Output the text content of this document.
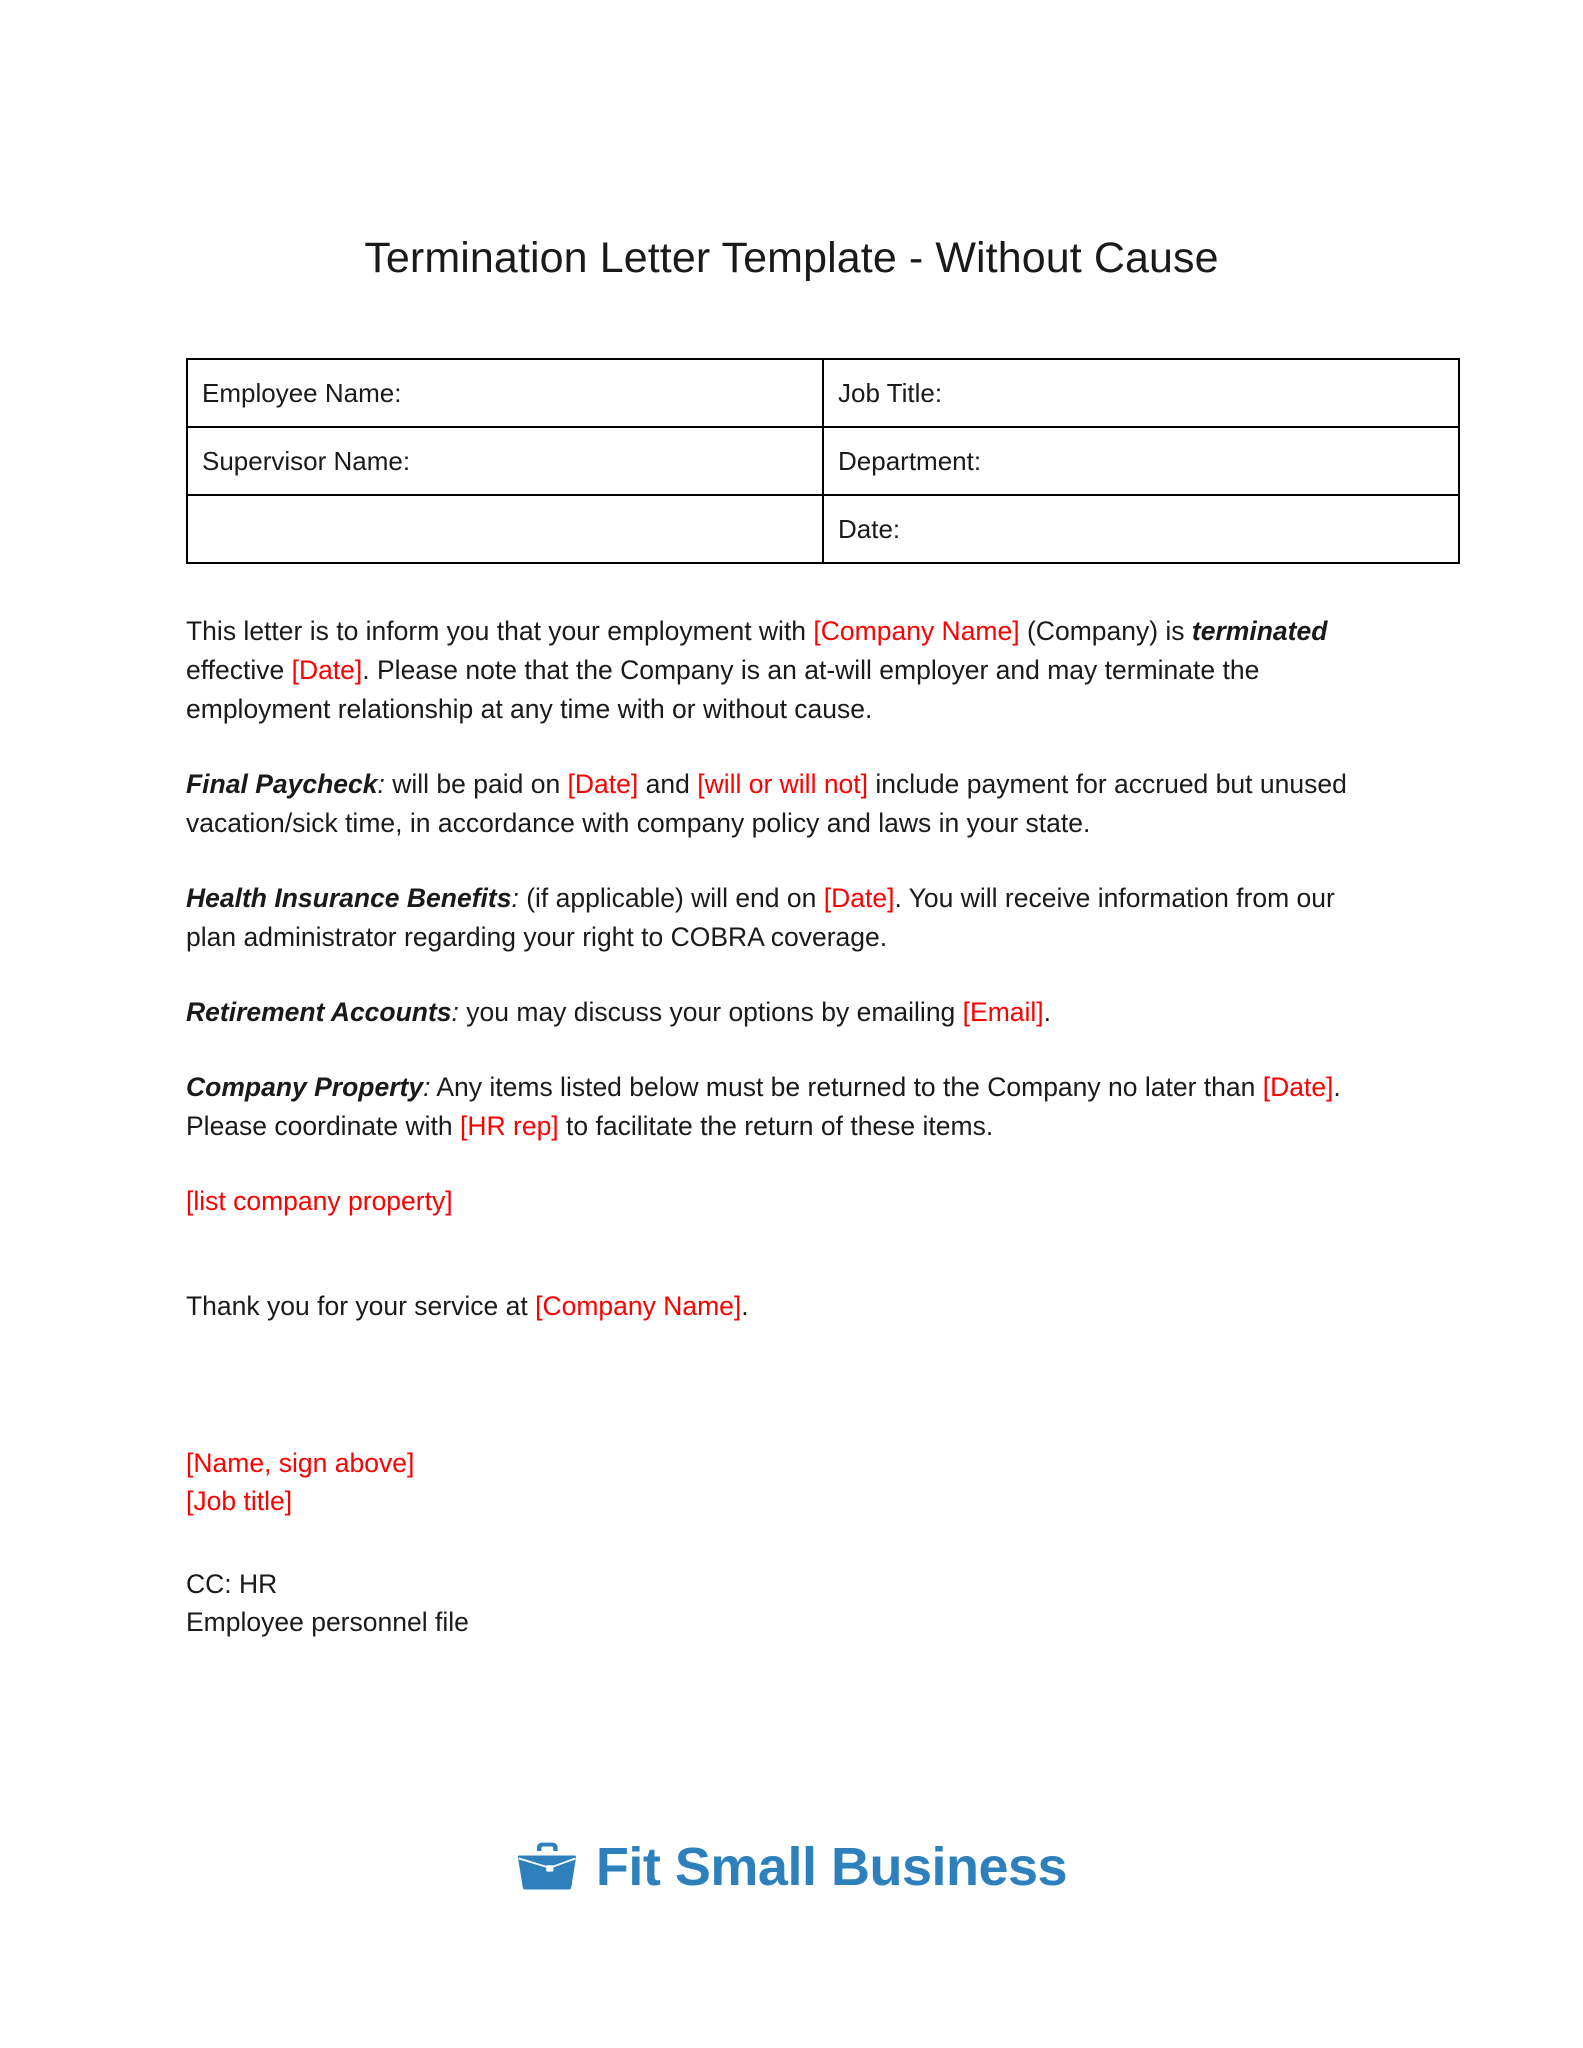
Termination Letter Template - Without Cause
Employee Name:	Job Title:
Supervisor Name:	Department:
	Date:

This letter is to inform you that your employment with [Company Name] (Company) is terminated effective [Date]. Please note that the Company is an at-will employer and may terminate the employment relationship at any time with or without cause.

Final Paycheck: will be paid on [Date] and [will or will not] include payment for accrued but unused vacation/sick time, in accordance with company policy and laws in your state.

Health Insurance Benefits: (if applicable) will end on [Date]. You will receive information from our plan administrator regarding your right to COBRA coverage.

Retirement Accounts: you may discuss your options by emailing [Email].

Company Property: Any items listed below must be returned to the Company no later than [Date]. Please coordinate with [HR rep] to facilitate the return of these items.

[list company property]

Thank you for your service at [Company Name].

[Name, sign above]
[Job title]
CC: HR
Employee personnel file
Fit Small Business
